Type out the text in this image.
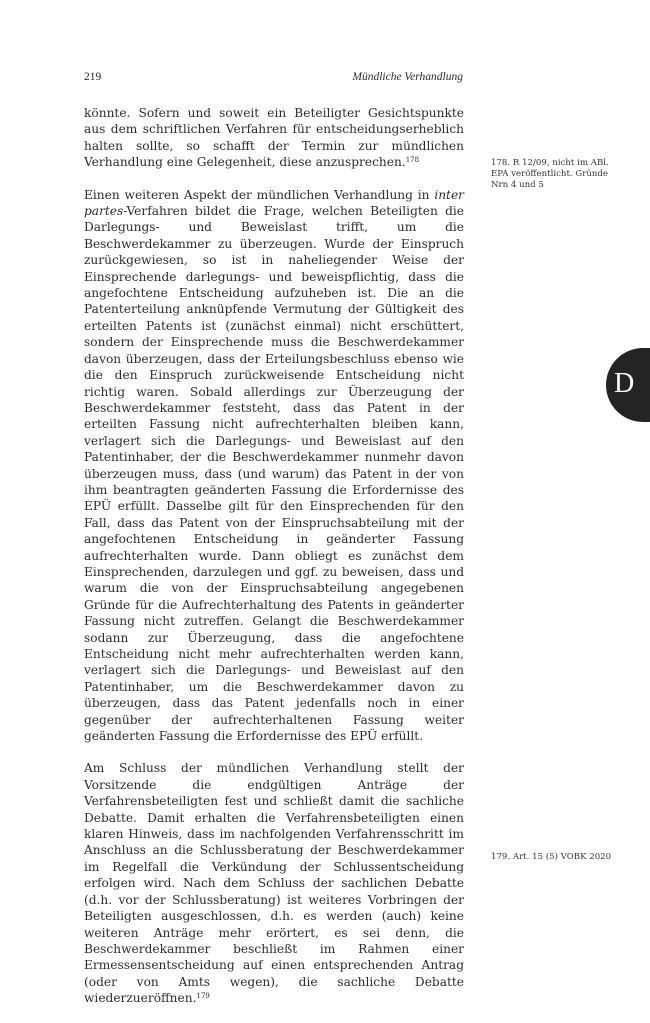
219	Mündliche Verhandlung

könnte. Sofern und soweit ein Beteiligter Gesichtspunkte aus dem schriftlichen Verfahren für entscheidungserheblich halten sollte, so schafft der Termin zur mündlichen Verhandlung eine Gelegenheit, diese anzusprechen.$^{178}$

Einen weiteren Aspekt der mündlichen Verhandlung in inter partes-Verfahren bildet die Frage, welchen Beteiligten die Darlegungs- und Beweislast trifft, um die Beschwerdekammer zu überzeugen. Wurde der Einspruch zurückgewiesen, so ist in naheliegender Weise der Einsprechende darlegungs- und beweispflichtig, dass die angefochtene Entscheidung aufzuheben ist. Die an die Patenterteilung anknüpfende Vermutung der Gültigkeit des erteilten Patents ist (zunächst einmal) nicht erschüttert, sondern der Einsprechende muss die Beschwerdekammer davon überzeugen, dass der Erteilungsbeschluss ebenso wie die den Einspruch zurückweisende Entscheidung nicht richtig waren. Sobald allerdings zur Überzeugung der Beschwerdekammer feststeht, dass das Patent in der erteilten Fassung nicht aufrechterhalten bleiben kann, verlagert sich die Darlegungs- und Beweislast auf den Patentinhaber, der die Beschwerdekammer nunmehr davon überzeugen muss, dass (und warum) das Patent in der von ihm beantragten geänderten Fassung die Erfordernisse des EPÜ erfüllt. Dasselbe gilt für den Einsprechenden für den Fall, dass das Patent von der Einspruchsabteilung mit der angefochtenen Entscheidung in geänderter Fassung aufrechterhalten wurde. Dann obliegt es zunächst dem Einsprechenden, darzulegen und ggf. zu beweisen, dass und warum die von der Einspruchsabteilung angegebenen Gründe für die Aufrechterhaltung des Patents in geänderter Fassung nicht zutreffen. Gelangt die Beschwerdekammer sodann zur Überzeugung, dass die angefochtene Entscheidung nicht mehr aufrechterhalten werden kann, verlagert sich die Darlegungs- und Beweislast auf den Patentinhaber, um die Beschwerdekammer davon zu überzeugen, dass das Patent jedenfalls noch in einer gegenüber der aufrechterhaltenen Fassung weiter geänderten Fassung die Erfordernisse des EPÜ erfüllt.

Am Schluss der mündlichen Verhandlung stellt der Vorsitzende die endgültigen Anträge der Verfahrensbeteiligten fest und schließt damit die sachliche Debatte. Damit erhalten die Verfahrensbeteiligten einen klaren Hinweis, dass im nachfolgenden Verfahrensschritt im Anschluss an die Schlussberatung der Beschwerdekammer im Regelfall die Verkündung der Schlussentscheidung erfolgen wird. Nach dem Schluss der sachlichen Debatte (d.h. vor der Schlussberatung) ist weiteres Vorbringen der Beteiligten ausgeschlossen, d.h. es werden (auch) keine weiteren Anträge mehr erörtert, es sei denn, die Beschwerdekammer beschließt im Rahmen einer Ermessensentscheidung auf einen entsprechenden Antrag (oder von Amts wegen), die sachliche Debatte wiederzueröffnen.$^{179}$

178. R 12/09, nicht im ABl. EPA veröffentlicht. Gründe Nrn 4 und 5
179. Art. 15 (5) VOBK 2020
D
